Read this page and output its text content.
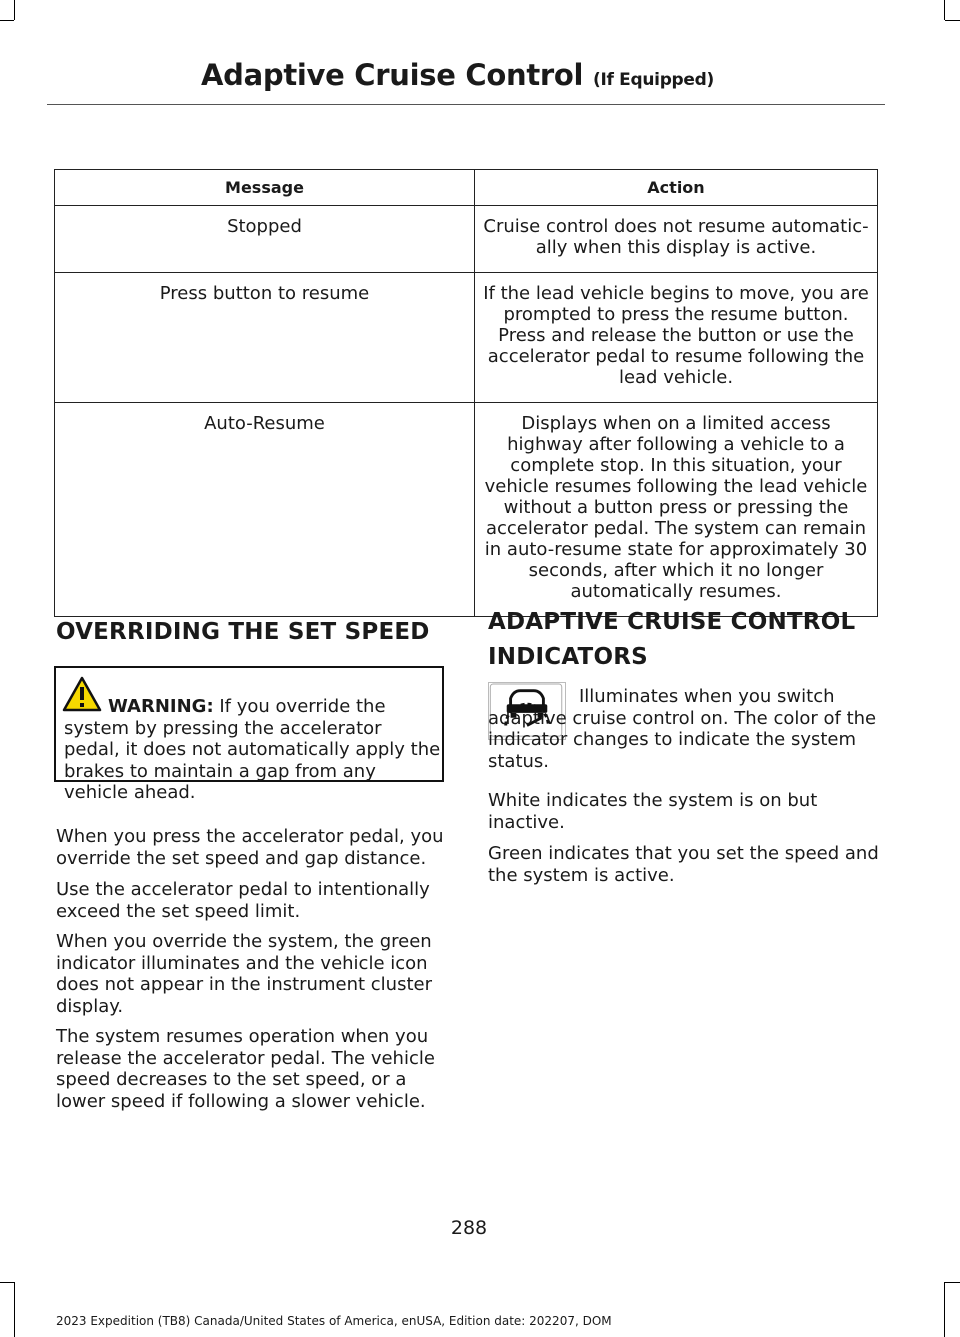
Adaptive Cruise Control (If Equipped)
Message	Action
Stopped	Cruise control does not resume automatic-ally when this display is active.
Press button to resume	If the lead vehicle begins to move, you are prompted to press the resume button. Press and release the button or use the accelerator pedal to resume following the lead vehicle.
Auto-Resume	Displays when on a limited access highway after following a vehicle to a complete stop. In this situation, your vehicle resumes following the lead vehicle without a button press or pressing the accelerator pedal. The system can remain in auto-resume state for approximately 30 seconds, after which it no longer automatically resumes.
OVERRIDING THE SET SPEED
WARNING: If you override the system by pressing the accelerator pedal, it does not automatically apply the brakes to maintain a gap from any vehicle ahead.

When you press the accelerator pedal, you override the set speed and gap distance.

Use the accelerator pedal to intentionally exceed the set speed limit.

When you override the system, the green indicator illuminates and the vehicle icon does not appear in the instrument cluster display.

The system resumes operation when you release the accelerator pedal. The vehicle speed decreases to the set speed, or a lower speed if following a slower vehicle.

ADAPTIVE CRUISE CONTROL
INDICATORS

Illuminates when you switch adaptive cruise control on. The color of the indicator changes to indicate the system status.

White indicates the system is on but inactive.

Green indicates that you set the speed and the system is active.

288
2023 Expedition (TB8) Canada/United States of America, enUSA, Edition date: 202207, DOM
